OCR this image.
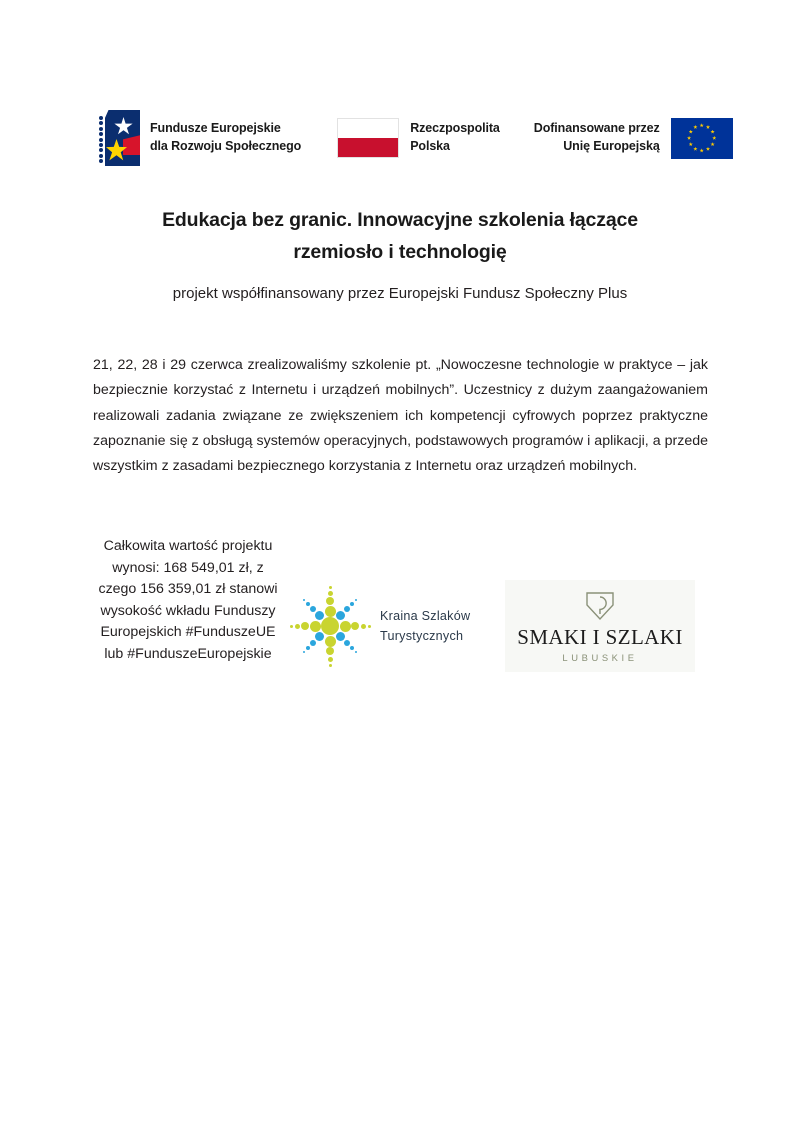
Fundusze Europejskie
dla Rozwoju Społecznego
Rzeczpospolita
Polska
Dofinansowane przez
Unię Europejską
Edukacja bez granic. Innowacyjne szkolenia łączące
rzemiosło i technologię
projekt współfinansowany przez Europejski Fundusz Społeczny Plus
21, 22, 28 i 29 czerwca zrealizowaliśmy szkolenie pt. „Nowoczesne technologie w praktyce – jak bezpiecznie korzystać z Internetu i urządzeń mobilnych”. Uczestnicy z dużym zaangażowaniem realizowali zadania związane ze zwiększeniem ich kompetencji cyfrowych poprzez praktyczne zapoznanie się z obsługą systemów operacyjnych, podstawowych programów i aplikacji, a przede wszystkim z zasadami bezpiecznego korzystania z Internetu oraz urządzeń mobilnych.
Całkowita wartość projektu wynosi: 168 549,01 zł, z czego 156 359,01 zł stanowi wysokość wkładu Funduszy Europejskich #FunduszeUE lub #FunduszeEuropejskie
Kraina Szlaków
Turystycznych	SMAKI I SZLAKI
LUBUSKIE
